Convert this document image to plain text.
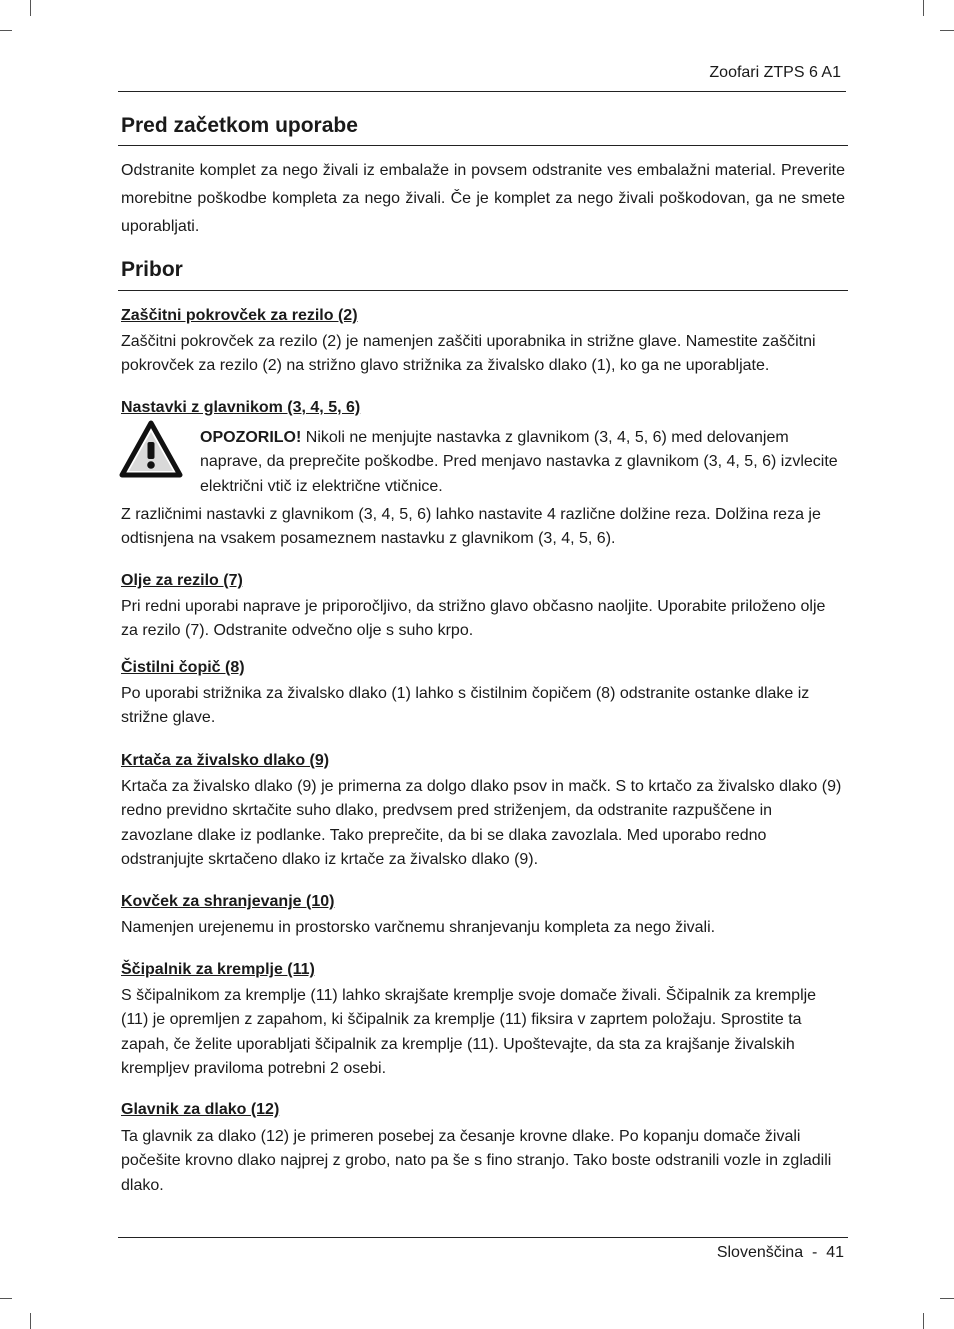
Zoofari ZTPS 6 A1
Pred začetkom uporabe
Odstranite komplet za nego živali iz embalaže in povsem odstranite ves embalažni material. Preverite morebitne poškodbe kompleta za nego živali. Če je komplet za nego živali poškodovan, ga ne smete uporabljati.
Pribor
Zaščitni pokrovček za rezilo (2)
Zaščitni pokrovček za rezilo (2) je namenjen zaščiti uporabnika in strižne glave. Namestite zaščitni pokrovček za rezilo (2) na strižno glavo strižnika za živalsko dlako (1), ko ga ne uporabljate.
Nastavki z glavnikom (3, 4, 5, 6)
OPOZORILO! Nikoli ne menjujte nastavka z glavnikom (3, 4, 5, 6) med delovanjem naprave, da preprečite poškodbe. Pred menjavo nastavka z glavnikom (3, 4, 5, 6) izvlecite električni vtič iz električne vtičnice.
Z različnimi nastavki z glavnikom (3, 4, 5, 6) lahko nastavite 4 različne dolžine reza. Dolžina reza je odtisnjena na vsakem posameznem nastavku z glavnikom (3, 4, 5, 6).
Olje za rezilo (7)
Pri redni uporabi naprave je priporočljivo, da strižno glavo občasno naoljite. Uporabite priloženo olje za rezilo (7). Odstranite odvečno olje s suho krpo.
Čistilni čopič (8)
Po uporabi strižnika za živalsko dlako (1) lahko s čistilnim čopičem (8) odstranite ostanke dlake iz strižne glave.
Krtača za živalsko dlako (9)
Krtača za živalsko dlako (9) je primerna za dolgo dlako psov in mačk. S to krtačo za živalsko dlako (9) redno previdno skrtačite suho dlako, predvsem pred striženjem, da odstranite razpuščene in zavozlane dlake iz podlanke. Tako preprečite, da bi se dlaka zavozlala. Med uporabo redno odstranjujte skrtačeno dlako iz krtače za živalsko dlako (9).
Kovček za shranjevanje (10)
Namenjen urejenemu in prostorsko varčnemu shranjevanju kompleta za nego živali.
Ščipalnik za kremplje (11)
S ščipalnikom za kremplje (11) lahko skrajšate kremplje svoje domače živali. Ščipalnik za kremplje (11) je opremljen z zapahom, ki ščipalnik za kremplje (11) fiksira v zaprtem položaju. Sprostite ta zapah, če želite uporabljati ščipalnik za kremplje (11). Upoštevajte, da sta za krajšanje živalskih krempljev praviloma potrebni 2 osebi.
Glavnik za dlako (12)
Ta glavnik za dlako (12) je primeren posebej za česanje krovne dlake. Po kopanju domače živali počešite krovno dlako najprej z grobo, nato pa še s fino stranjo. Tako boste odstranili vozle in zgladili dlako.
Slovenščina - 41
